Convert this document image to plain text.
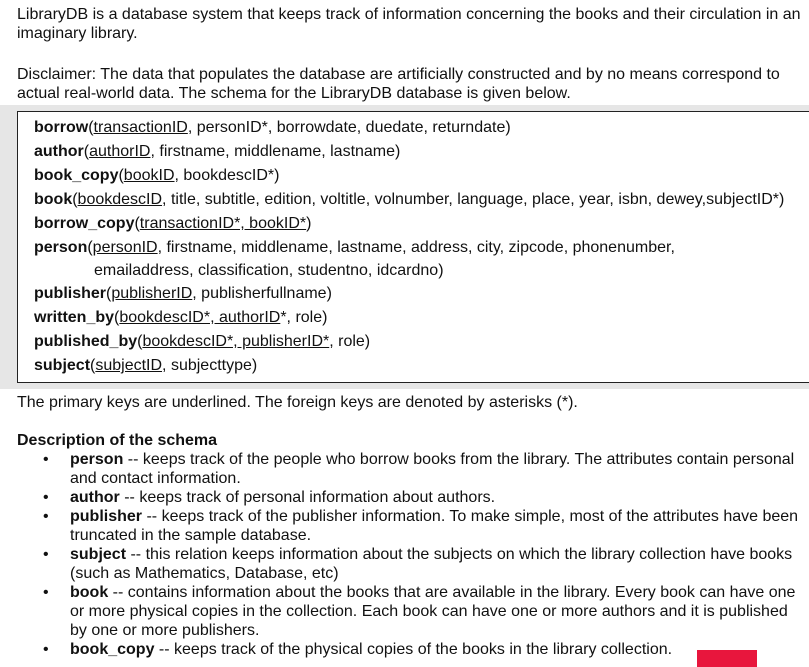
LibraryDB is a database system that keeps track of information concerning the books and their circulation in an imaginary library.

Disclaimer: The data that populates the database are artificially constructed and by no means correspond to actual real-world data. The schema for the LibraryDB database is given below.

borrow(transactionID, personID*, borrowdate, duedate, returndate)
author(authorID, firstname, middlename, lastname)
book_copy(bookID, bookdescID*)
book(bookdescID, title, subtitle, edition, voltitle, volnumber, language, place, year, isbn, dewey,subjectID*)
borrow_copy(transactionID*, bookID*)
person(personID, firstname, middlename, lastname, address, city, zipcode, phonenumber,
emailaddress, classification, studentno, idcardno)
publisher(publisherID, publisherfullname)
written_by(bookdescID*, authorID*, role)
published_by(bookdescID*, publisherID*, role)
subject(subjectID, subjecttype)

The primary keys are underlined. The foreign keys are denoted by asterisks (*).

Description of the schema

• person -- keeps track of the people who borrow books from the library. The attributes contain personal and contact information.
• author -- keeps track of personal information about authors.
• publisher -- keeps track of the publisher information. To make simple, most of the attributes have been truncated in the sample database.
• subject -- this relation keeps information about the subjects on which the library collection have books (such as Mathematics, Database, etc)
• book -- contains information about the books that are available in the library. Every book can have one or more physical copies in the collection. Each book can have one or more authors and it is published by one or more publishers.
• book_copy -- keeps track of the physical copies of the books in the library collection.
